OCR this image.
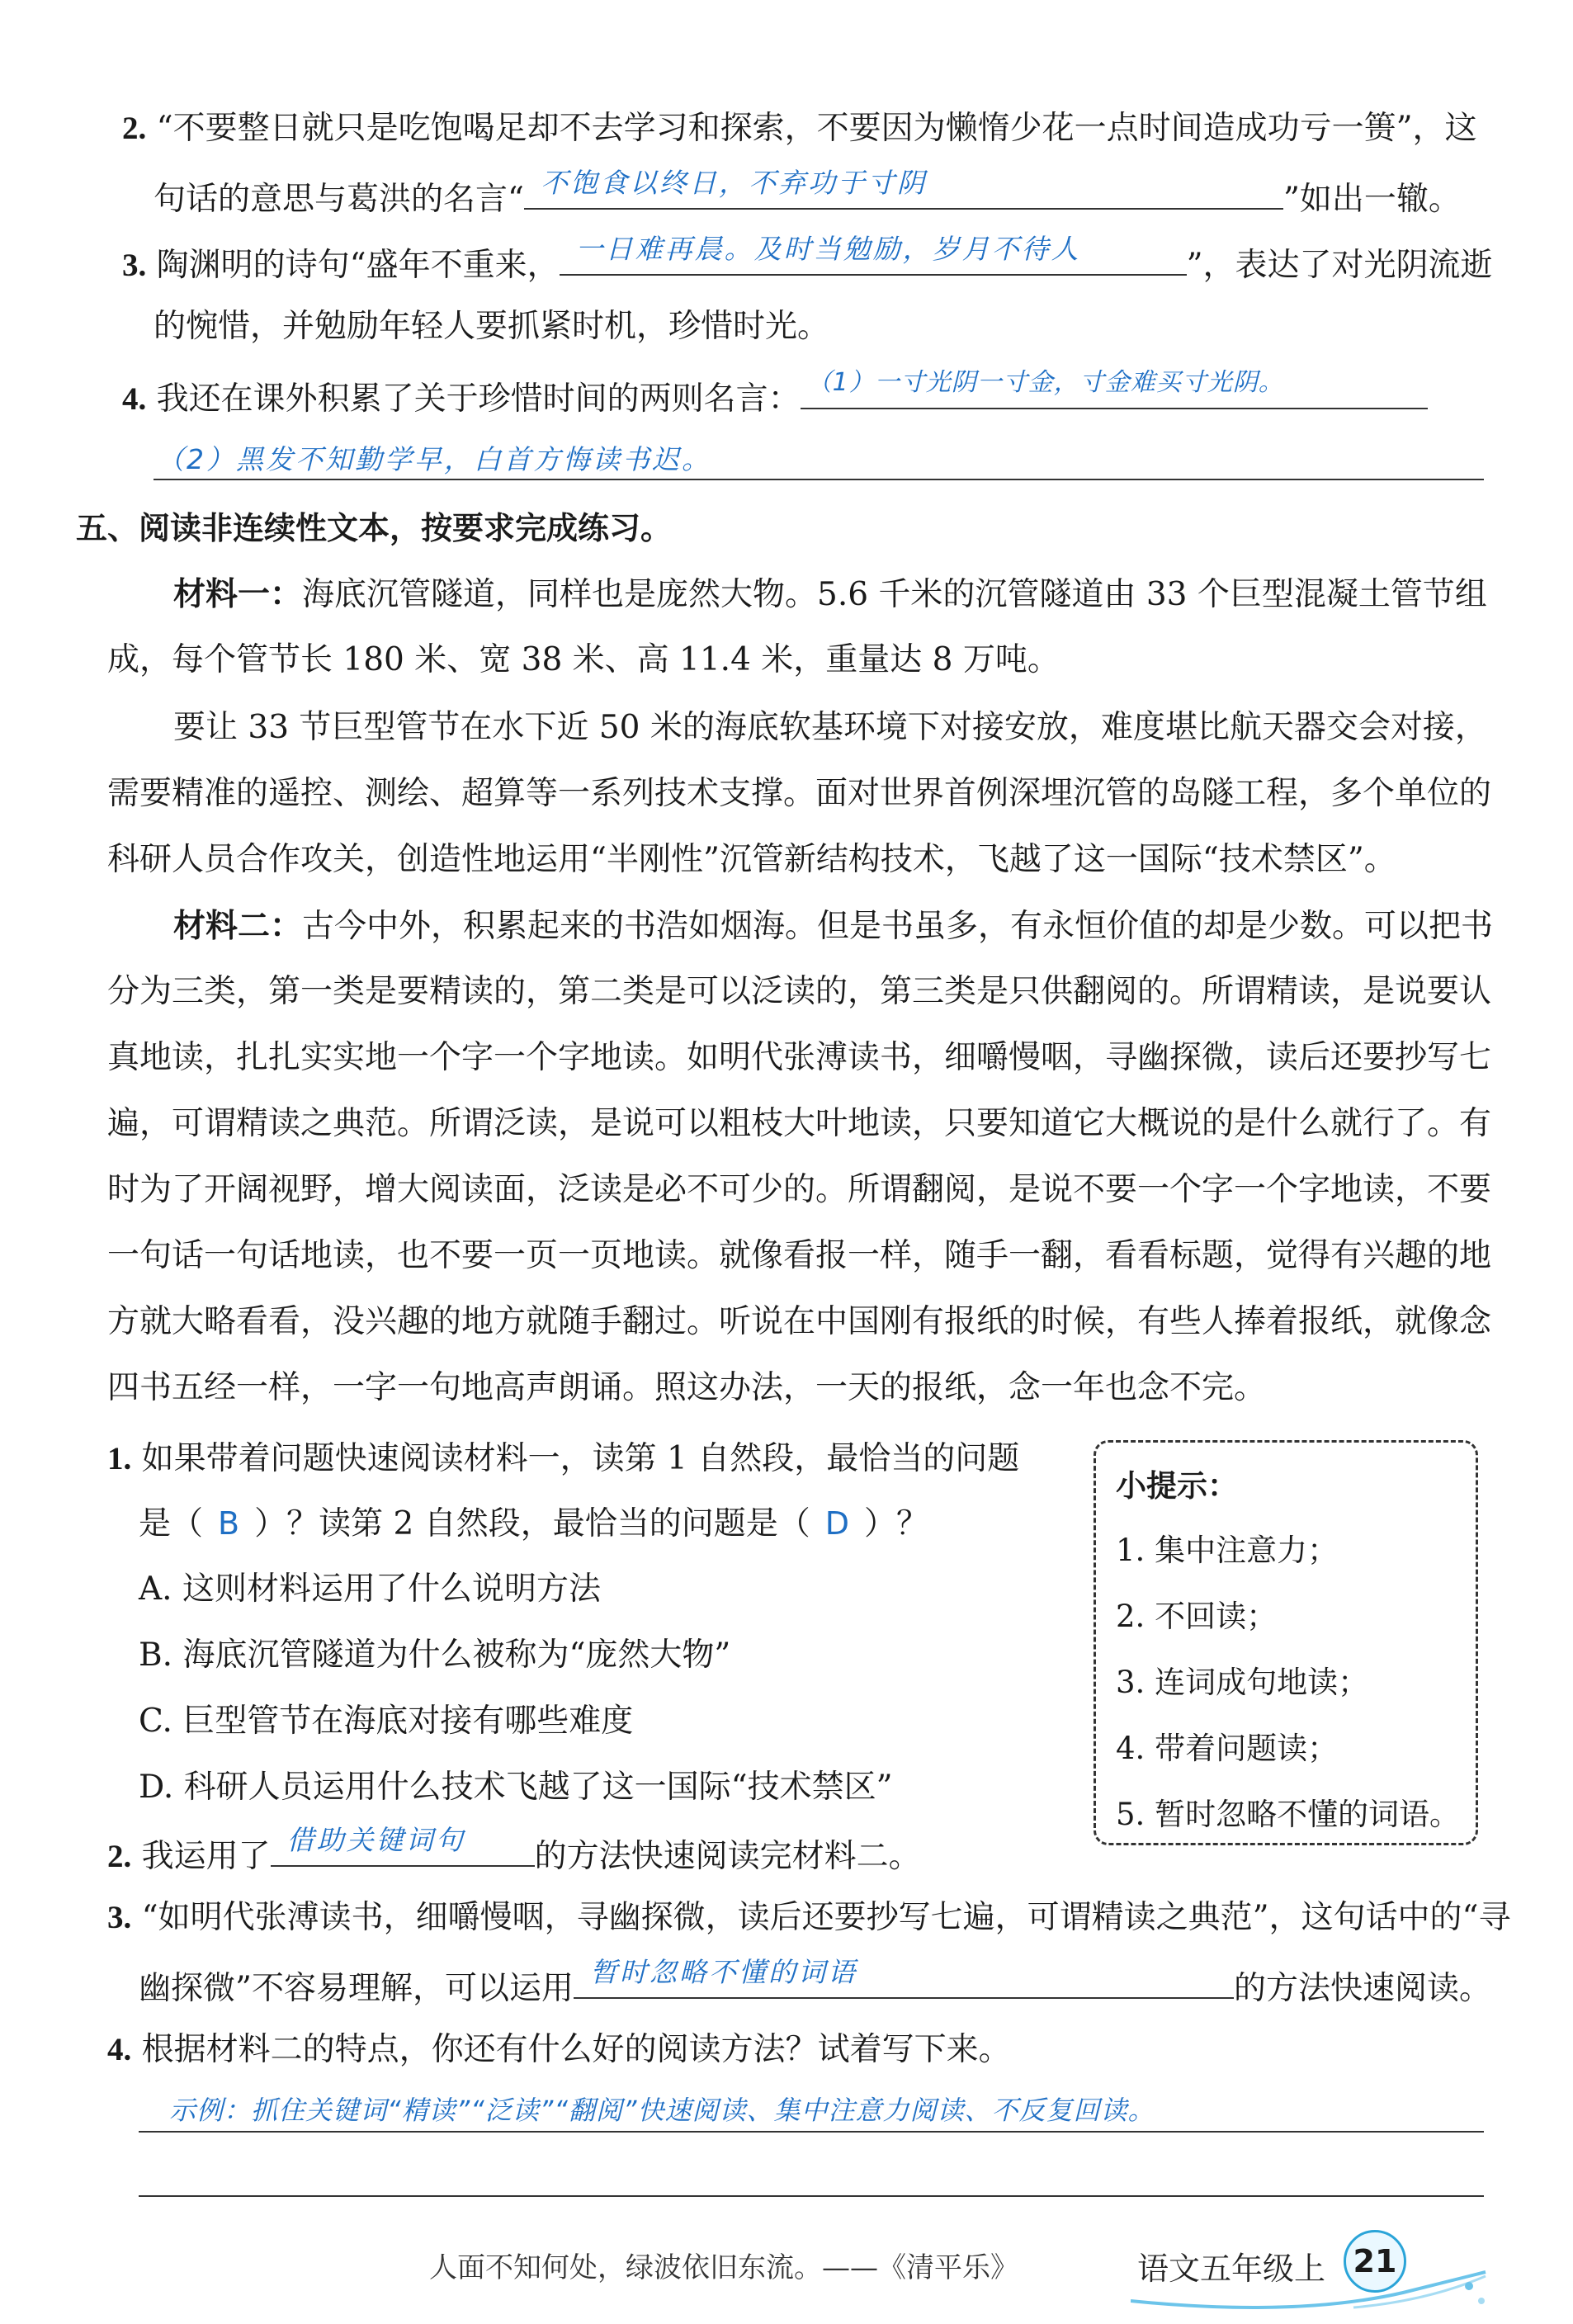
2. “不要整日就只是吃饱喝足却不去学习和探索，不要因为懒惰少花一点时间造成功亏一篑”，这
句话的意思与葛洪的名言“ 不饱食以终日，不弃功于寸阴	”如出一辙。
3. 陶渊明的诗句“盛年不重来， 一日难再晨。及时当勉励，岁月不待人	”，表达了对光阴流逝
的惋惜，并勉励年轻人要抓紧时机，珍惜时光。
4. 我还在课外积累了关于珍惜时间的两则名言： （1）一寸光阴一寸金，寸金难买寸光阴。
（2）黑发不知勤学早，白首方悔读书迟。
五、阅读非连续性文本，按要求完成练习。
材料一：海底沉管隧道，同样也是庞然大物。5.6 千米的沉管隧道由 33 个巨型混凝土管节组
成，每个管节长 180 米、宽 38 米、高 11.4 米，重量达 8 万吨。
要让 33 节巨型管节在水下近 50 米的海底软基环境下对接安放，难度堪比航天器交会对接，
需要精准的遥控、测绘、超算等一系列技术支撑。面对世界首例深埋沉管的岛隧工程，多个单位的
科研人员合作攻关，创造性地运用“半刚性”沉管新结构技术，飞越了这一国际“技术禁区”。
材料二：古今中外，积累起来的书浩如烟海。但是书虽多，有永恒价值的却是少数。可以把书
分为三类，第一类是要精读的，第二类是可以泛读的，第三类是只供翻阅的。所谓精读，是说要认
真地读，扎扎实实地一个字一个字地读。如明代张溥读书，细嚼慢咽，寻幽探微，读后还要抄写七
遍，可谓精读之典范。所谓泛读，是说可以粗枝大叶地读，只要知道它大概说的是什么就行了。有
时为了开阔视野，增大阅读面，泛读是必不可少的。所谓翻阅，是说不要一个字一个字地读，不要
一句话一句话地读，也不要一页一页地读。就像看报一样，随手一翻，看看标题，觉得有兴趣的地
方就大略看看，没兴趣的地方就随手翻过。听说在中国刚有报纸的时候，有些人捧着报纸，就像念
四书五经一样，一字一句地高声朗诵。照这办法，一天的报纸，念一年也念不完。
1. 如果带着问题快速阅读材料一，读第 1 自然段，最恰当的问题
是（ B ）？读第 2 自然段，最恰当的问题是（ D ）？
A. 这则材料运用了什么说明方法
B. 海底沉管隧道为什么被称为“庞然大物”
C. 巨型管节在海底对接有哪些难度
D. 科研人员运用什么技术飞越了这一国际“技术禁区”
小提示：
1. 集中注意力；
2. 不回读；
3. 连词成句地读；
4. 带着问题读；
5. 暂时忽略不懂的词语。
2. 我运用了 借助关键词句 的方法快速阅读完材料二。
3. “如明代张溥读书，细嚼慢咽，寻幽探微，读后还要抄写七遍，可谓精读之典范”，这句话中的“寻
幽探微”不容易理解，可以运用 暂时忽略不懂的词语	的方法快速阅读。
4. 根据材料二的特点，你还有什么好的阅读方法？试着写下来。
示例：抓住关键词“精读”“泛读”“翻阅”快速阅读、集中注意力阅读、不反复回读。
人面不知何处，绿波依旧东流。——《清平乐》	语文五年级上 21
